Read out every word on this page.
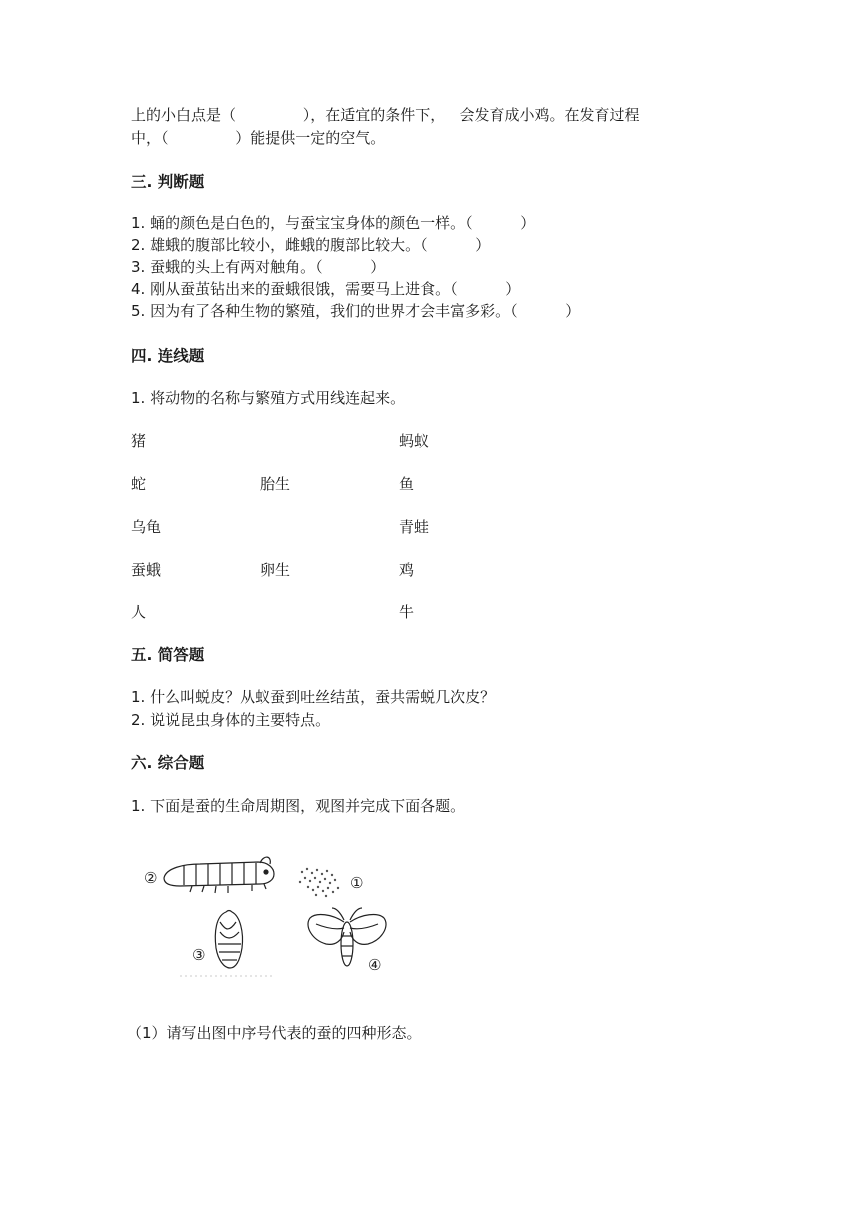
上的小白点是（              ），在适宜的条件下，   会发育成小鸡。在发育过程
中，（              ）能提供一定的空气。
三. 判断题
1. 蛹的颜色是白色的，与蚕宝宝身体的颜色一样。（          ）
2. 雄蛾的腹部比较小，雌蛾的腹部比较大。（          ）
3. 蚕蛾的头上有两对触角。（          ）
4. 刚从蚕茧钻出来的蚕蛾很饿，需要马上进食。（          ）
5. 因为有了各种生物的繁殖，我们的世界才会丰富多彩。（          ）
四. 连线题
1. 将动物的名称与繁殖方式用线连起来。
猪
蛇
乌龟
蚕蛾
人
胎生
卵生
蚂蚁
鱼
青蛙
鸡
牛
五. 简答题
1. 什么叫蜕皮？从蚁蚕到吐丝结茧，蚕共需蜕几次皮？
2. 说说昆虫身体的主要特点。
六. 综合题
1. 下面是蚕的生命周期图，观图并完成下面各题。
②	①
③
④
（1）请写出图中序号代表的蚕的四种形态。
